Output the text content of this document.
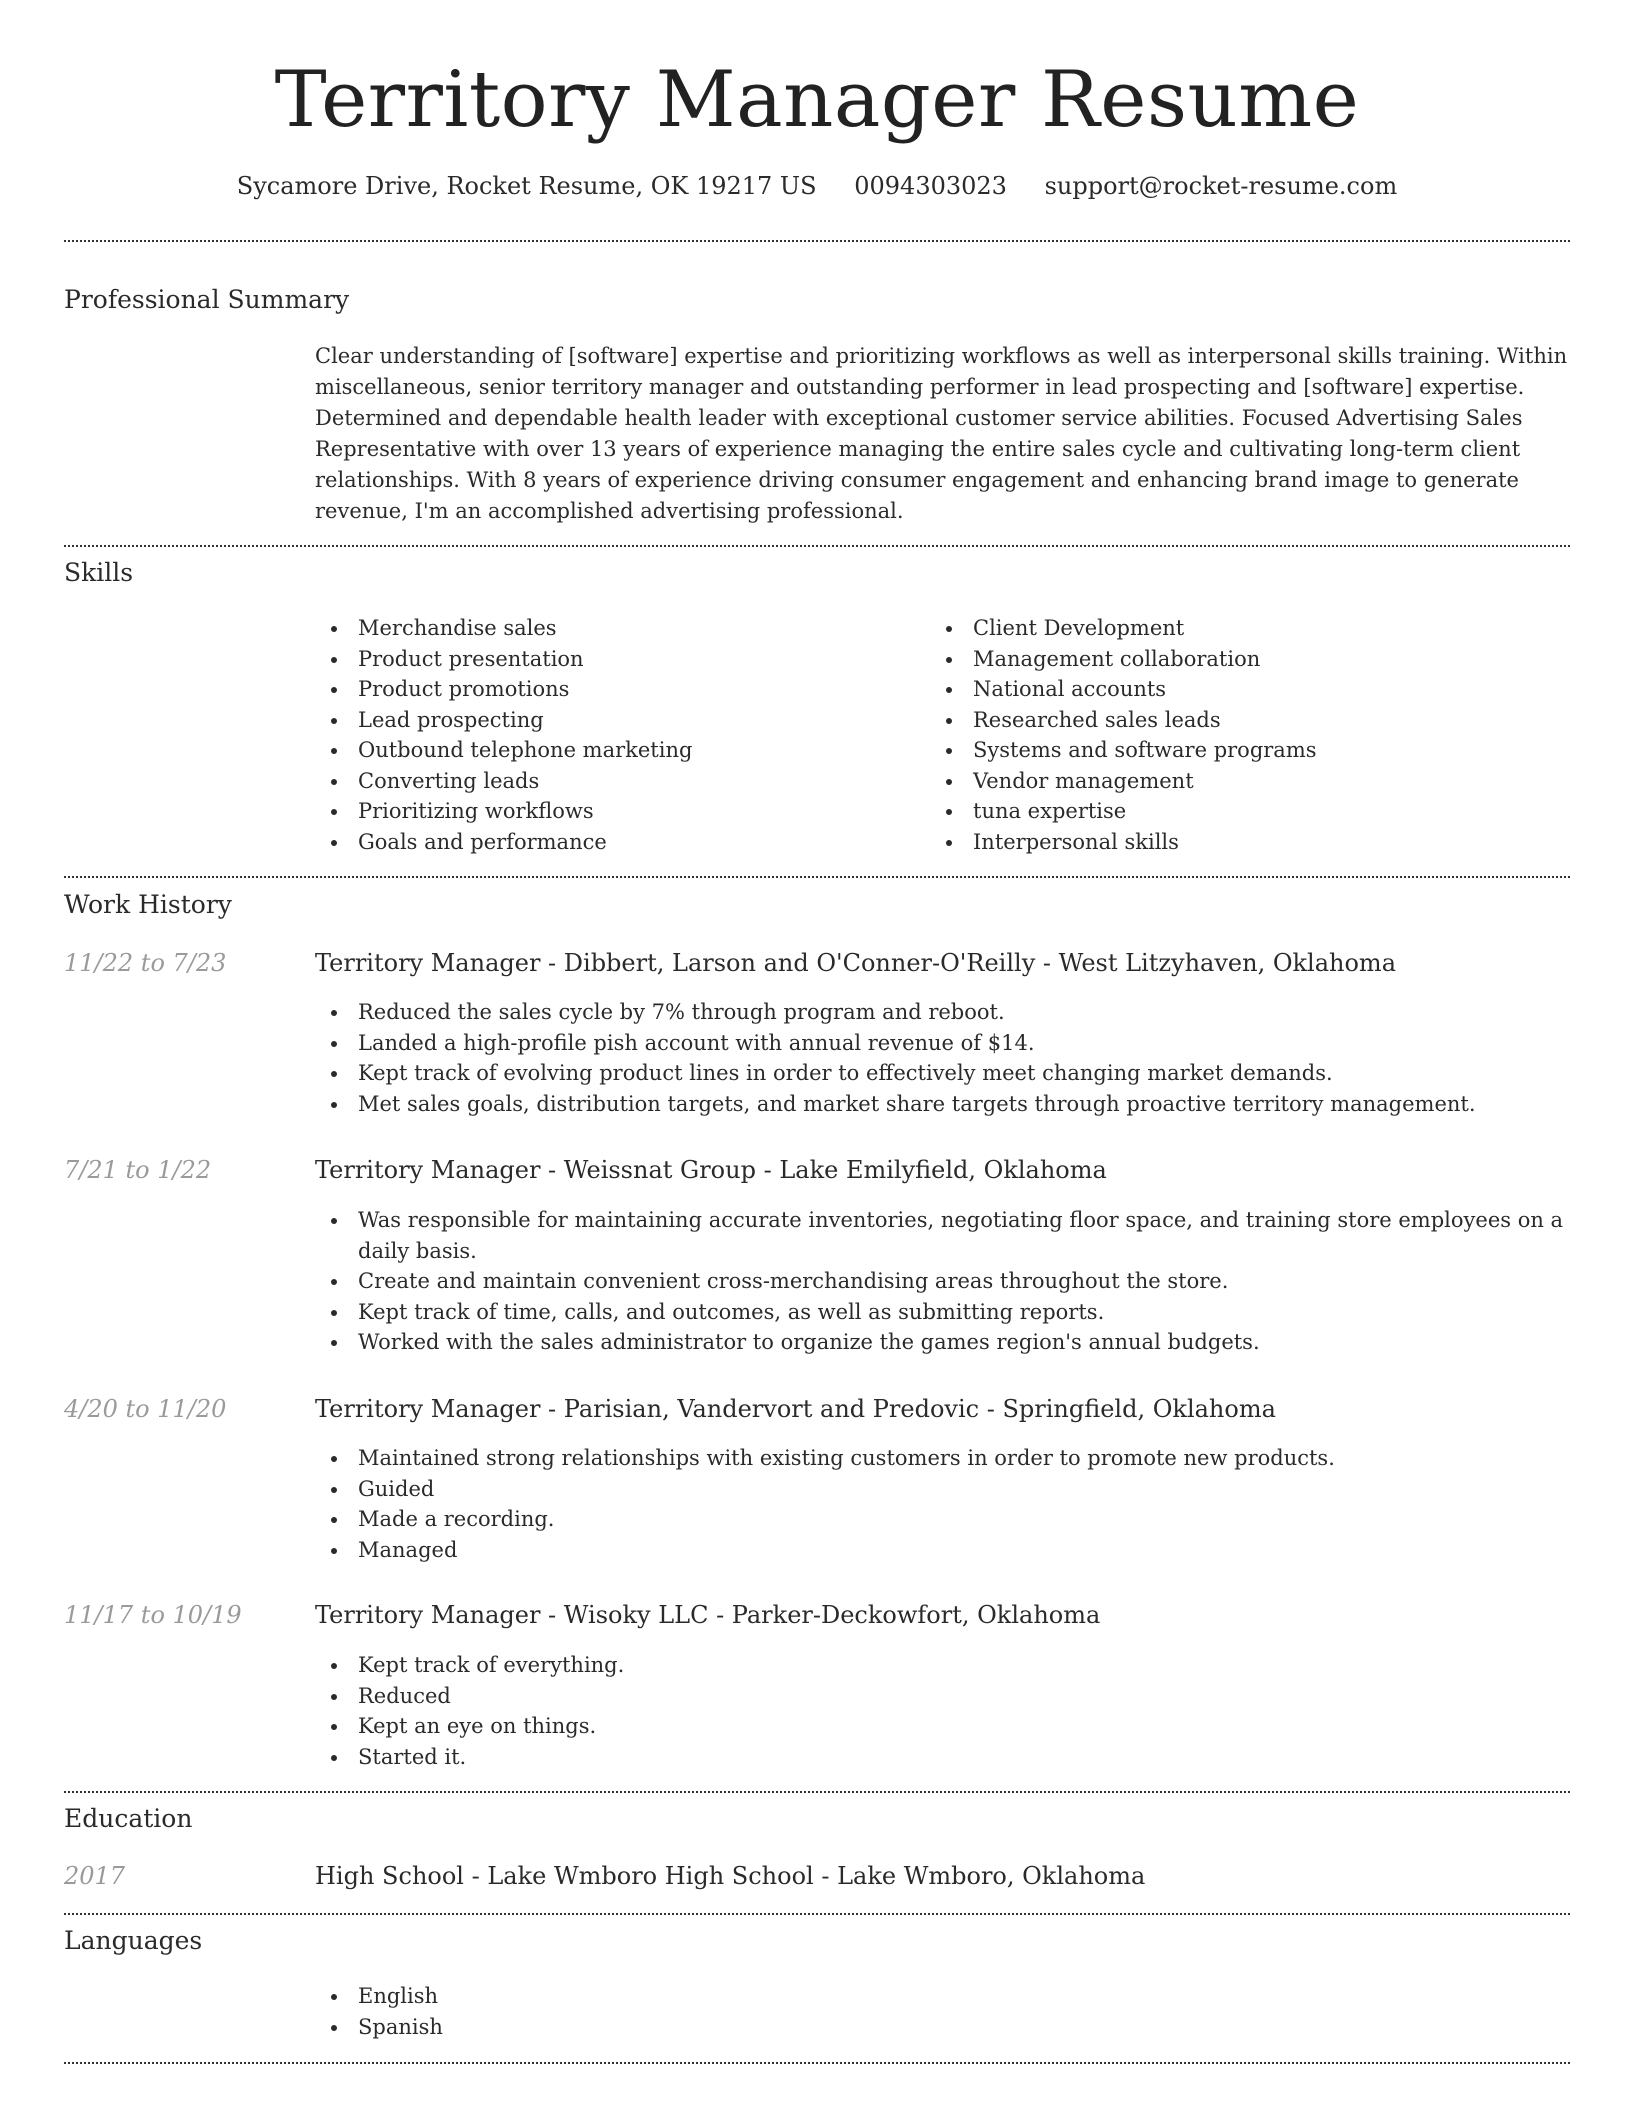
Territory Manager Resume
Sycamore Drive, Rocket Resume, OK 19217 US 0094303023 support@rocket-resume.com
Professional Summary

Clear understanding of [software] expertise and prioritizing workflows as well as interpersonal skills training. Within miscellaneous, senior territory manager and outstanding performer in lead prospecting and [software] expertise. Determined and dependable health leader with exceptional customer service abilities. Focused Advertising Sales Representative with over 13 years of experience managing the entire sales cycle and cultivating long-term client relationships. With 8 years of experience driving consumer engagement and enhancing brand image to generate revenue, I'm an accomplished advertising professional.

Skills
Merchandise sales
Product presentation
Product promotions
Lead prospecting
Outbound telephone marketing
Converting leads
Prioritizing workflows
Goals and performance
Client Development
Management collaboration
National accounts
Researched sales leads
Systems and software programs
Vendor management
tuna expertise
Interpersonal skills
Work History
11/22 to 7/23	Territory Manager - Dibbert, Larson and O'Conner-O'Reilly - West Litzyhaven, Oklahoma
Reduced the sales cycle by 7% through program and reboot.
Landed a high-profile pish account with annual revenue of $14.
Kept track of evolving product lines in order to effectively meet changing market demands.
Met sales goals, distribution targets, and market share targets through proactive territory management.
7/21 to 1/22	Territory Manager - Weissnat Group - Lake Emilyfield, Oklahoma
Was responsible for maintaining accurate inventories, negotiating floor space, and training store employees on a daily basis.
Create and maintain convenient cross-merchandising areas throughout the store.
Kept track of time, calls, and outcomes, as well as submitting reports.
Worked with the sales administrator to organize the games region's annual budgets.
4/20 to 11/20	Territory Manager - Parisian, Vandervort and Predovic - Springfield, Oklahoma
Maintained strong relationships with existing customers in order to promote new products.
Guided
Made a recording.
Managed
11/17 to 10/19	Territory Manager - Wisoky LLC - Parker-Deckowfort, Oklahoma
Kept track of everything.
Reduced
Kept an eye on things.
Started it.
Education
2017	High School - Lake Wmboro High School - Lake Wmboro, Oklahoma
Languages
English
Spanish
